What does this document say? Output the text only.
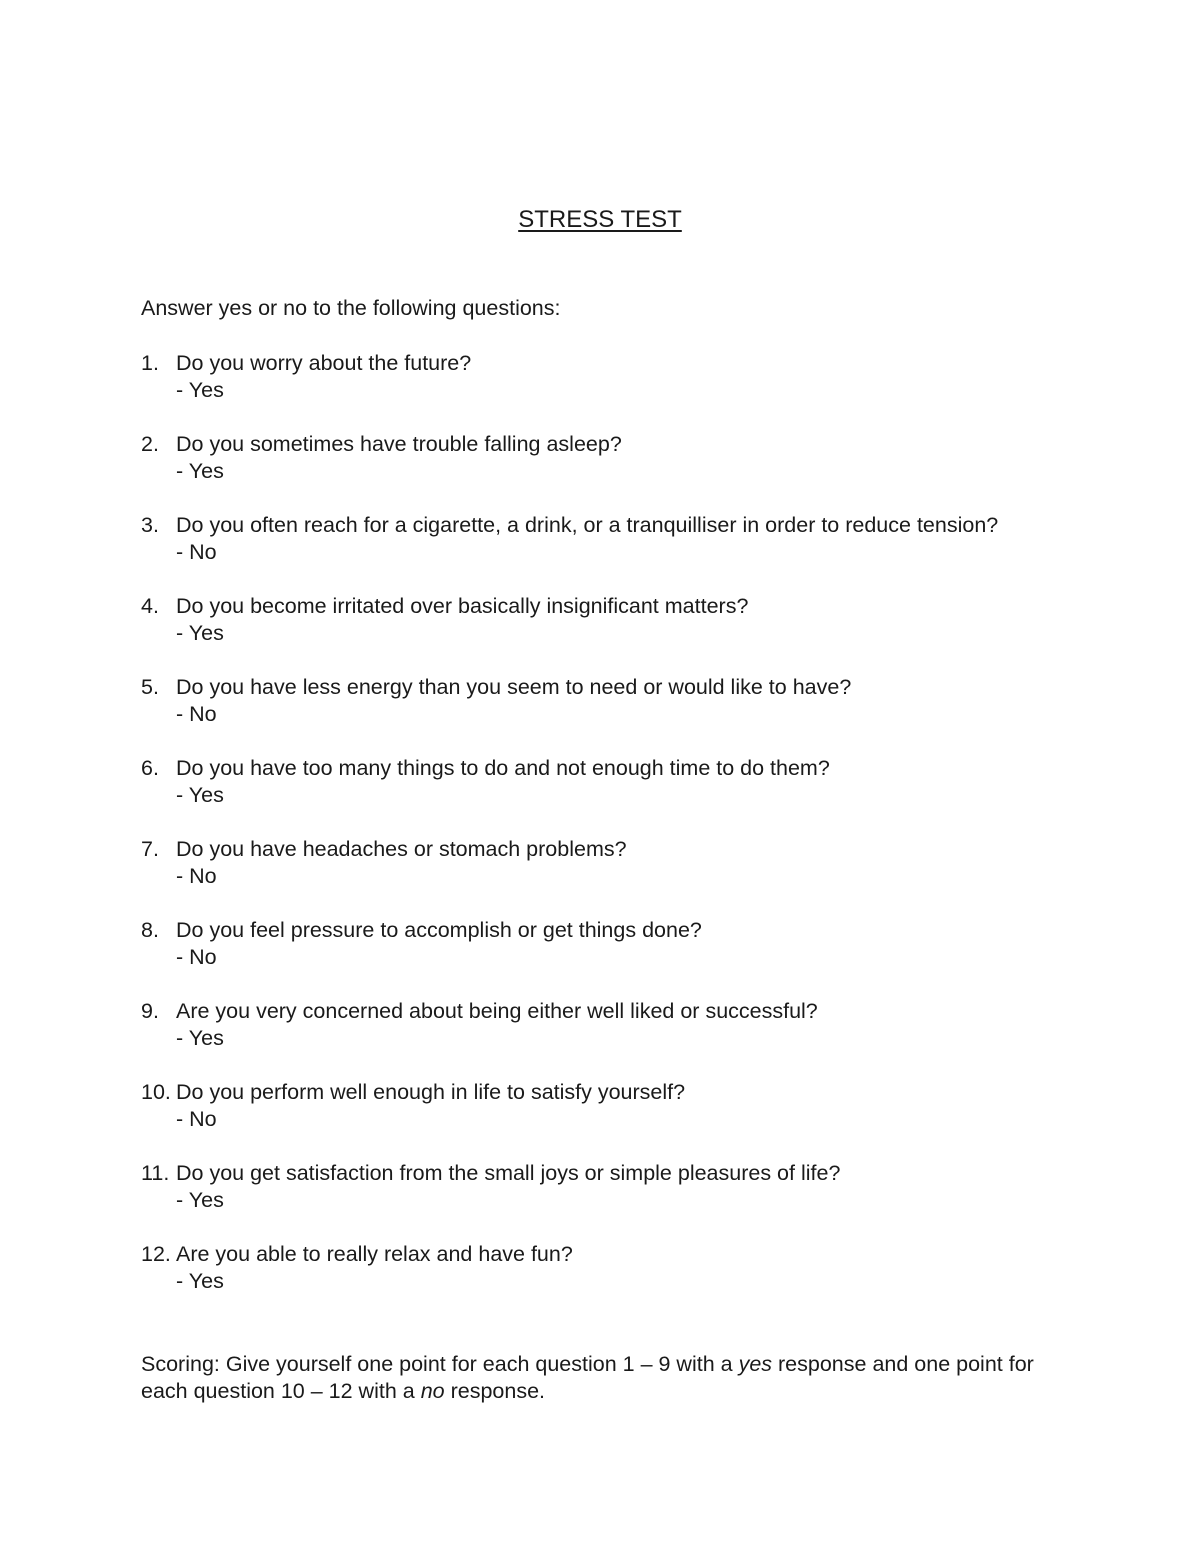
STRESS TEST
Answer yes or no to the following questions:
1. Do you worry about the future?
- Yes
2. Do you sometimes have trouble falling asleep?
- Yes
3. Do you often reach for a cigarette, a drink, or a tranquilliser in order to reduce tension?
- No
4. Do you become irritated over basically insignificant matters?
- Yes
5. Do you have less energy than you seem to need or would like to have?
- No
6. Do you have too many things to do and not enough time to do them?
- Yes
7. Do you have headaches or stomach problems?
- No
8. Do you feel pressure to accomplish or get things done?
- No
9. Are you very concerned about being either well liked or successful?
- Yes
10. Do you perform well enough in life to satisfy yourself?
- No
11. Do you get satisfaction from the small joys or simple pleasures of life?
- Yes
12. Are you able to really relax and have fun?
- Yes
Scoring: Give yourself one point for each question 1 – 9 with a yes response and one point for each question 10 – 12 with a no response.
